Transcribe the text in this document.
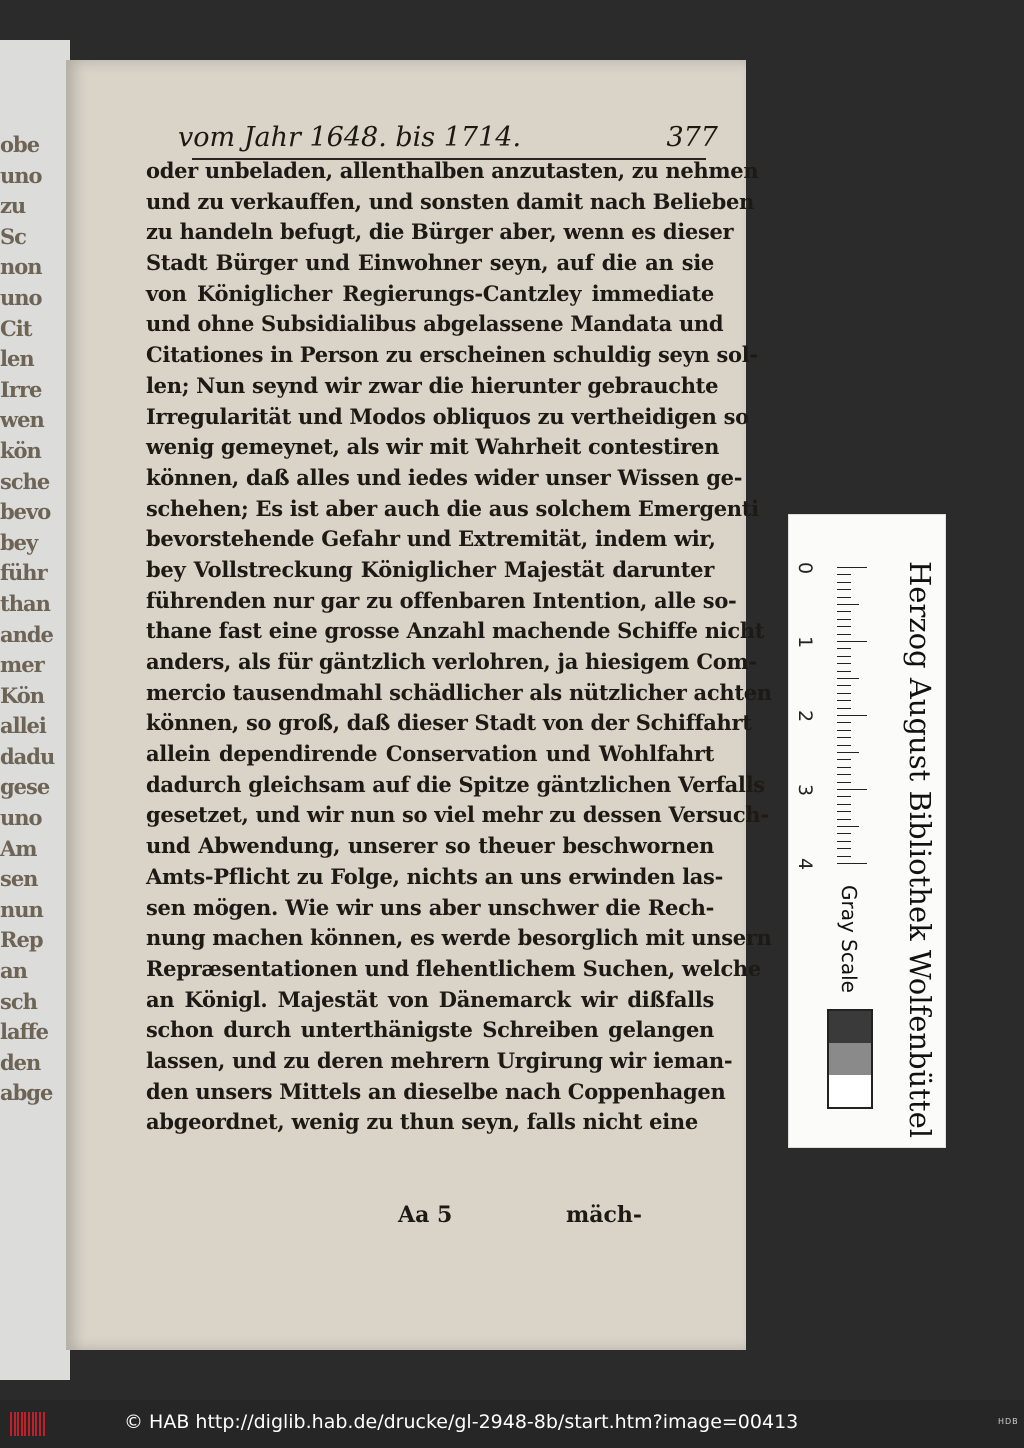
obe
uno
zu
Sc
non
uno
Cit
len
Irre
wen
kön
sche
bevo
bey
führ
than
ande
mer
Kön
allei
dadu
gese
uno
Am
sen
nun
Rep
an
sch
laffe
den
abge
vom Jahr 1648. bis 1714.	377
oder unbeladen, allenthalben anzutasten, zu nehmen
und zu verkauffen, und sonsten damit nach Belieben
zu handeln befugt, die Bürger aber, wenn es dieser
Stadt Bürger und Einwohner seyn, auf die an sie
von Königlicher Regierungs-Cantzley immediate
und ohne Subsidialibus abgelassene Mandata und
Citationes in Person zu erscheinen schuldig seyn sol-
len; Nun seynd wir zwar die hierunter gebrauchte
Irregularität und Modos obliquos zu vertheidigen so
wenig gemeynet, als wir mit Wahrheit contestiren
können, daß alles und iedes wider unser Wissen ge-
schehen; Es ist aber auch die aus solchem Emergenti
bevorstehende Gefahr und Extremität, indem wir,
bey Vollstreckung Königlicher Majestät darunter
führenden nur gar zu offenbaren Intention, alle so-
thane fast eine grosse Anzahl machende Schiffe nicht
anders, als für gäntzlich verlohren, ja hiesigem Com-
mercio tausendmahl schädlicher als nützlicher achten
können, so groß, daß dieser Stadt von der Schiffahrt
allein dependirende Conservation und Wohlfahrt
dadurch gleichsam auf die Spitze gäntzlichen Verfalls
gesetzet, und wir nun so viel mehr zu dessen Versuch-
und Abwendung, unserer so theuer beschwornen
Amts-Pflicht zu Folge, nichts an uns erwinden las-
sen mögen. Wie wir uns aber unschwer die Rech-
nung machen können, es werde besorglich mit unsern
Repræsentationen und flehentlichem Suchen, welche
an Königl. Majestät von Dänemarck wir dißfalls
schon durch unterthänigste Schreiben gelangen
lassen, und zu deren mehrern Urgirung wir ieman-
den unsers Mittels an dieselbe nach Coppenhagen
abgeordnet, wenig zu thun seyn, falls nicht eine
Aa 5	mäch-
0
1
2
3
4
Gray Scale	Herzog August Bibliothek Wolfenbüttel
© HAB http://diglib.hab.de/drucke/gl-2948-8b/start.htm?image=00413	HDB
